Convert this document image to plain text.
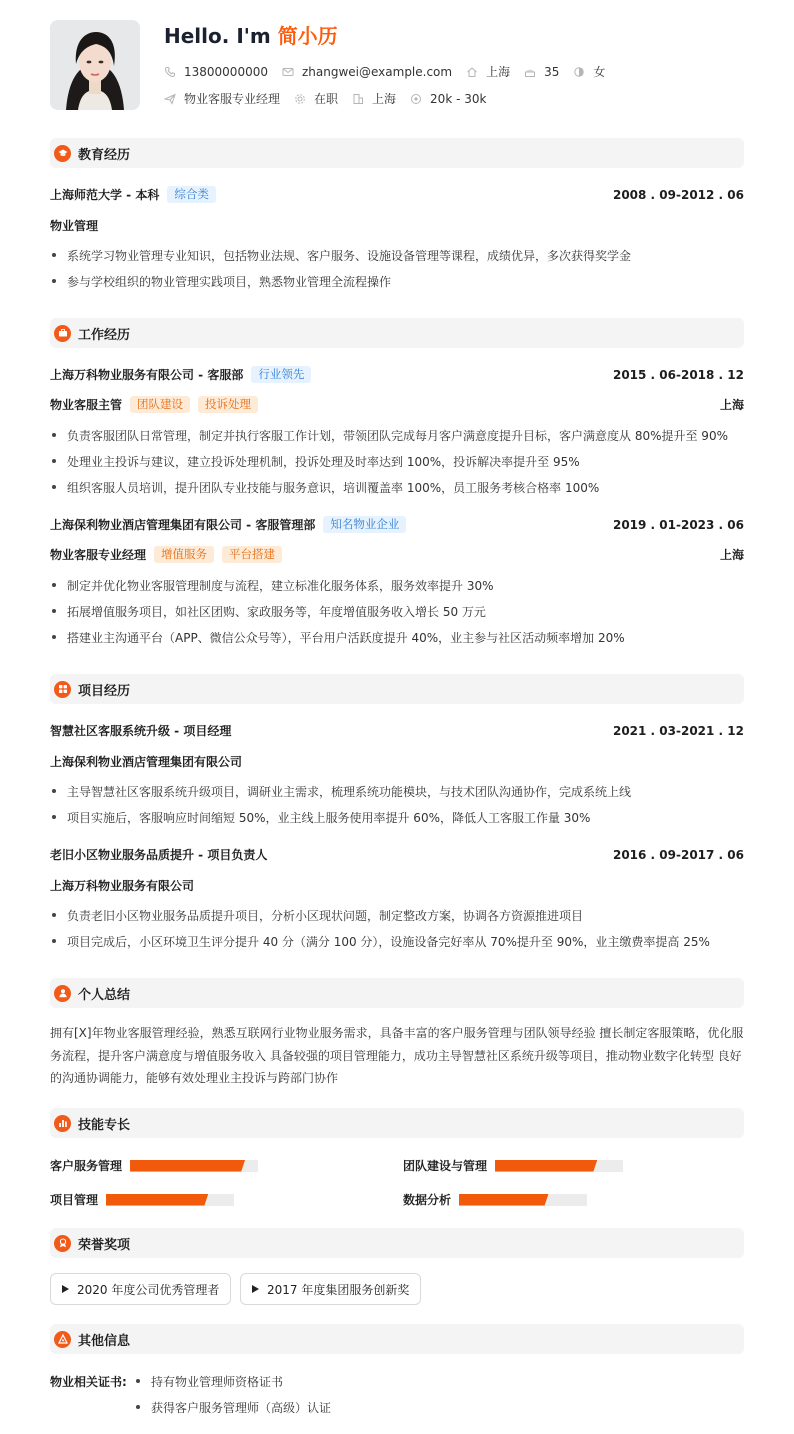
Hello. I'm 简小历
13800000000	zhangwei@example.com	上海	35	女
物业客服专业经理	在职	上海	20k - 30k
教育经历
上海师范大学 - 本科	综合类	2008 . 09-2012 . 06
物业管理
系统学习物业管理专业知识，包括物业法规、客户服务、设施设备管理等课程，成绩优异，多次获得奖学金
参与学校组织的物业管理实践项目，熟悉物业管理全流程操作
工作经历
上海万科物业服务有限公司 - 客服部	行业领先	2015 . 06-2018 . 12
物业客服主管	团队建设	投诉处理	上海
负责客服团队日常管理，制定并执行客服工作计划，带领团队完成每月客户满意度提升目标，客户满意度从 80%提升至 90%
处理业主投诉与建议，建立投诉处理机制，投诉处理及时率达到 100%，投诉解决率提升至 95%
组织客服人员培训，提升团队专业技能与服务意识，培训覆盖率 100%，员工服务考核合格率 100%
上海保利物业酒店管理集团有限公司 - 客服管理部	知名物业企业	2019 . 01-2023 . 06
物业客服专业经理	增值服务	平台搭建	上海
制定并优化物业客服管理制度与流程，建立标准化服务体系，服务效率提升 30%
拓展增值服务项目，如社区团购、家政服务等，年度增值服务收入增长 50 万元
搭建业主沟通平台（APP、微信公众号等），平台用户活跃度提升 40%，业主参与社区活动频率增加 20%
项目经历
智慧社区客服系统升级 - 项目经理	2021 . 03-2021 . 12
上海保利物业酒店管理集团有限公司
主导智慧社区客服系统升级项目，调研业主需求，梳理系统功能模块，与技术团队沟通协作，完成系统上线
项目实施后，客服响应时间缩短 50%，业主线上服务使用率提升 60%，降低人工客服工作量 30%
老旧小区物业服务品质提升 - 项目负责人	2016 . 09-2017 . 06
上海万科物业服务有限公司
负责老旧小区物业服务品质提升项目，分析小区现状问题，制定整改方案，协调各方资源推进项目
项目完成后，小区环境卫生评分提升 40 分（满分 100 分），设施设备完好率从 70%提升至 90%，业主缴费率提高 25%
个人总结
拥有[X]年物业客服管理经验，熟悉互联网行业物业服务需求，具备丰富的客户服务管理与团队领导经验 擅长制定客服策略，优化服
务流程，提升客户满意度与增值服务收入 具备较强的项目管理能力，成功主导智慧社区系统升级等项目，推动物业数字化转型 良好
的沟通协调能力，能够有效处理业主投诉与跨部门协作
技能专长
客户服务管理	团队建设与管理
项目管理	数据分析
荣誉奖项
2020 年度公司优秀管理者	2017 年度集团服务创新奖
其他信息
物业相关证书:	持有物业管理师资格证书
获得客户服务管理师（高级）认证
